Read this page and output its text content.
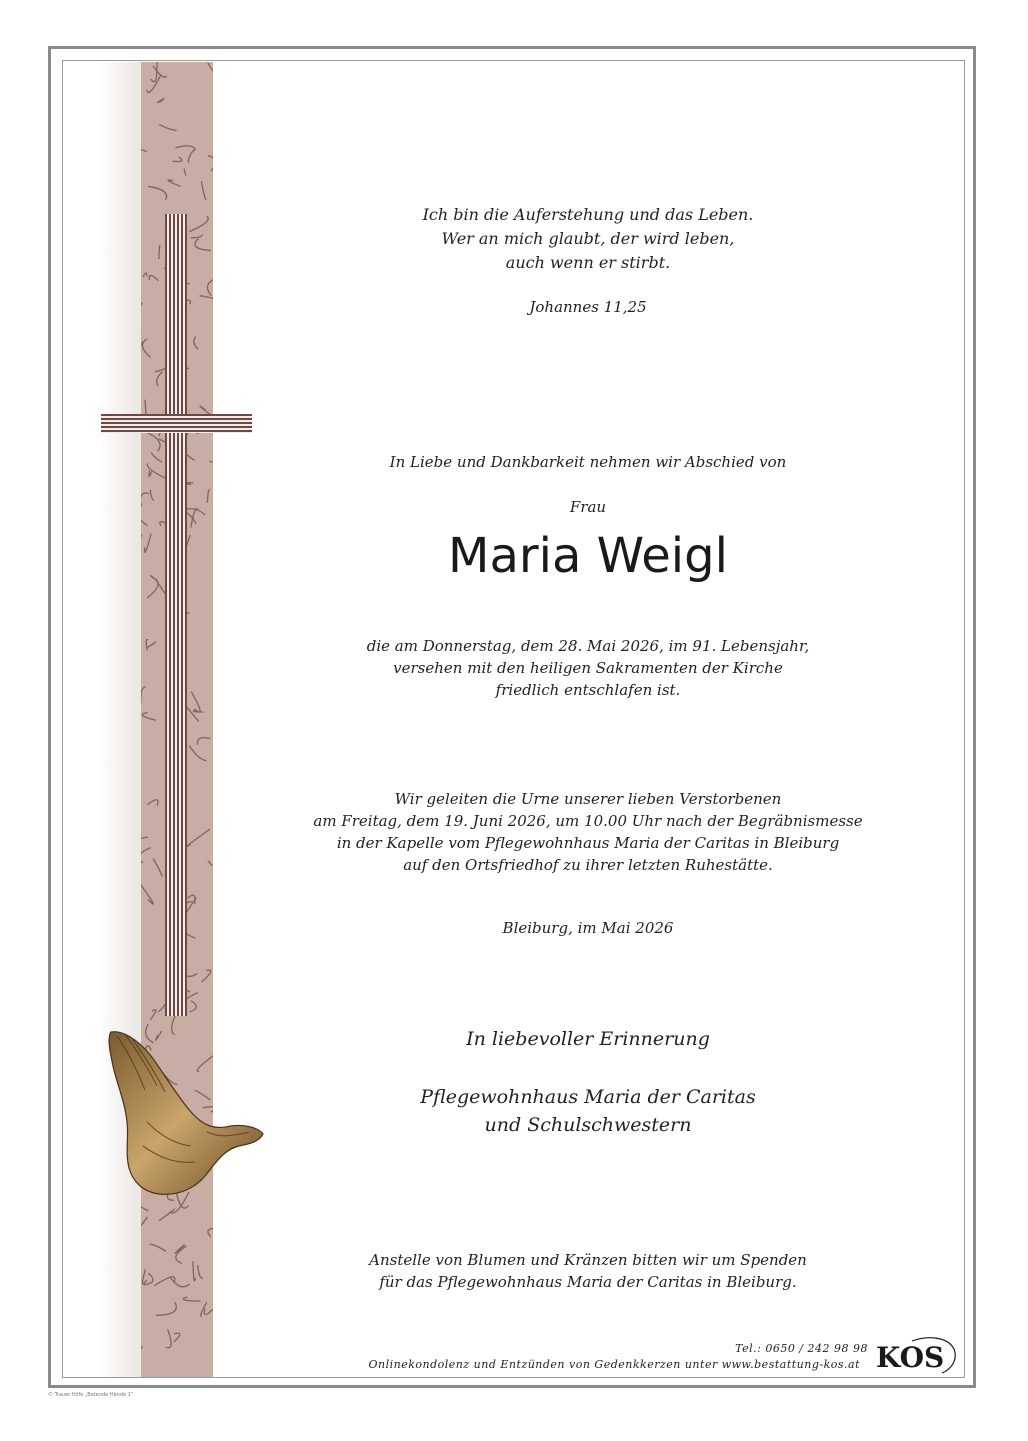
Ich bin die Auferstehung und das Leben.
Wer an mich glaubt, der wird leben,
auch wenn er stirbt.
Johannes 11,25
In Liebe und Dankbarkeit nehmen wir Abschied von
Frau
Maria Weigl
die am Donnerstag, dem 28. Mai 2026, im 91. Lebensjahr,
versehen mit den heiligen Sakramenten der Kirche
friedlich entschlafen ist.
Wir geleiten die Urne unserer lieben Verstorbenen
am Freitag, dem 19. Juni 2026, um 10.00 Uhr nach der Begräbnismesse
in der Kapelle vom Pflegewohnhaus Maria der Caritas in Bleiburg
auf den Ortsfriedhof zu ihrer letzten Ruhestätte.
Bleiburg, im Mai 2026
In liebevoller Erinnerung
Pflegewohnhaus Maria der Caritas
und Schulschwestern
Anstelle von Blumen und Kränzen bitten wir um Spenden
für das Pflegewohnhaus Maria der Caritas in Bleiburg.
Tel.: 0650 / 242 98 98
Onlinekondolenz und Entzünden von Gedenkkerzen unter www.bestattung-kos.at KOS
© Trauer Hilfe „Betende Hände 1"
